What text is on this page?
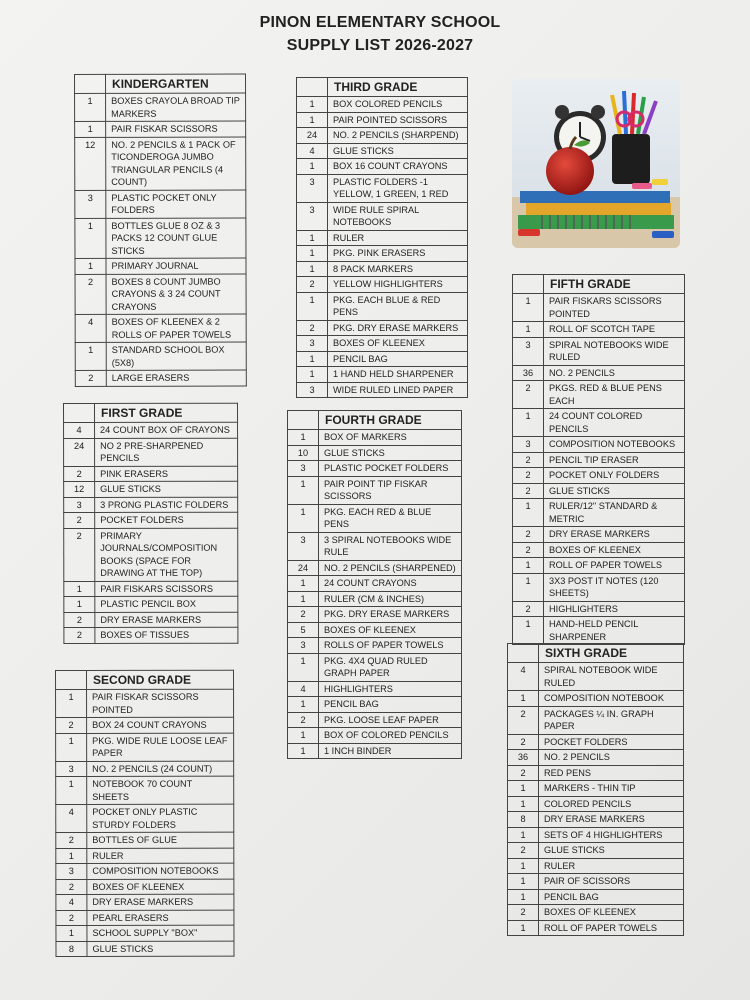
PINON ELEMENTARY SCHOOL
SUPPLY LIST 2026-2027
	KINDERGARTEN
1	BOXES CRAYOLA BROAD TIP MARKERS
1	PAIR FISKAR SCISSORS
12	NO. 2 PENCILS & 1 PACK OF TICONDEROGA JUMBO TRIANGULAR PENCILS (4 COUNT)
3	PLASTIC POCKET ONLY FOLDERS
1	BOTTLES GLUE 8 OZ & 3 PACKS 12 COUNT GLUE STICKS
1	PRIMARY JOURNAL
2	BOXES 8 COUNT JUMBO CRAYONS & 3 24 COUNT CRAYONS
4	BOXES OF KLEENEX & 2 ROLLS OF PAPER TOWELS
1	STANDARD SCHOOL BOX (5X8)
2	LARGE ERASERS
	FIRST GRADE
4	24 COUNT BOX OF CRAYONS
24	NO 2 PRE-SHARPENED PENCILS
2	PINK ERASERS
12	GLUE STICKS
3	3 PRONG PLASTIC FOLDERS
2	POCKET FOLDERS
2	PRIMARY JOURNALS/COMPOSITION BOOKS (SPACE FOR DRAWING AT THE TOP)
1	PAIR FISKARS SCISSORS
1	PLASTIC PENCIL BOX
2	DRY ERASE MARKERS
2	BOXES OF TISSUES
	SECOND GRADE
1	PAIR FISKAR SCISSORS POINTED
2	BOX 24 COUNT CRAYONS
1	PKG. WIDE RULE LOOSE LEAF PAPER
3	NO. 2 PENCILS (24 COUNT)
1	NOTEBOOK 70 COUNT SHEETS
4	POCKET ONLY PLASTIC STURDY FOLDERS
2	BOTTLES OF GLUE
1	RULER
3	COMPOSITION NOTEBOOKS
2	BOXES OF KLEENEX
4	DRY ERASE MARKERS
2	PEARL ERASERS
1	SCHOOL SUPPLY "BOX"
8	GLUE STICKS
	THIRD GRADE
1	BOX COLORED PENCILS
1	PAIR POINTED SCISSORS
24	NO. 2 PENCILS (SHARPEND)
4	GLUE STICKS
1	BOX 16 COUNT CRAYONS
3	PLASTIC FOLDERS -1 YELLOW, 1 GREEN, 1 RED
3	WIDE RULE SPIRAL NOTEBOOKS
1	RULER
1	PKG. PINK ERASERS
1	8 PACK MARKERS
2	YELLOW HIGHLIGHTERS
1	PKG. EACH BLUE & RED PENS
2	PKG. DRY ERASE MARKERS
3	BOXES OF KLEENEX
1	PENCIL BAG
1	1 HAND HELD SHARPENER
3	WIDE RULED LINED PAPER
	FOURTH GRADE
1	BOX OF MARKERS
10	GLUE STICKS
3	PLASTIC POCKET FOLDERS
1	PAIR POINT TIP FISKAR SCISSORS
1	PKG. EACH RED & BLUE PENS
3	3 SPIRAL NOTEBOOKS WIDE RULE
24	NO. 2 PENCILS (SHARPENED)
1	24 COUNT CRAYONS
1	RULER (CM & INCHES)
2	PKG. DRY ERASE MARKERS
5	BOXES OF KLEENEX
3	ROLLS OF PAPER TOWELS
1	PKG. 4X4 QUAD RULED GRAPH PAPER
4	HIGHLIGHTERS
1	PENCIL BAG
2	PKG. LOOSE LEAF PAPER
1	BOX OF COLORED PENCILS
1	1 INCH BINDER
	FIFTH GRADE
1	PAIR FISKARS SCISSORS POINTED
1	ROLL OF SCOTCH TAPE
3	SPIRAL NOTEBOOKS WIDE RULED
36	NO. 2 PENCILS
2	PKGS. RED & BLUE PENS EACH
1	24 COUNT COLORED PENCILS
3	COMPOSITION NOTEBOOKS
2	PENCIL TIP ERASER
2	POCKET ONLY FOLDERS
2	GLUE STICKS
1	RULER/12" STANDARD & METRIC
2	DRY ERASE MARKERS
2	BOXES OF KLEENEX
1	ROLL OF PAPER TOWELS
1	3X3 POST IT NOTES (120 SHEETS)
2	HIGHLIGHTERS
1	HAND-HELD PENCIL SHARPENER
	SIXTH GRADE
4	SPIRAL NOTEBOOK WIDE RULED
1	COMPOSITION NOTEBOOK
2	PACKAGES ¼ IN. GRAPH PAPER
2	POCKET FOLDERS
36	NO. 2 PENCILS
2	RED PENS
1	MARKERS - THIN TIP
1	COLORED PENCILS
8	DRY ERASE MARKERS
1	SETS OF 4 HIGHLIGHTERS
2	GLUE STICKS
1	RULER
1	PAIR OF SCISSORS
1	PENCIL BAG
2	BOXES OF KLEENEX
1	ROLL OF PAPER TOWELS
